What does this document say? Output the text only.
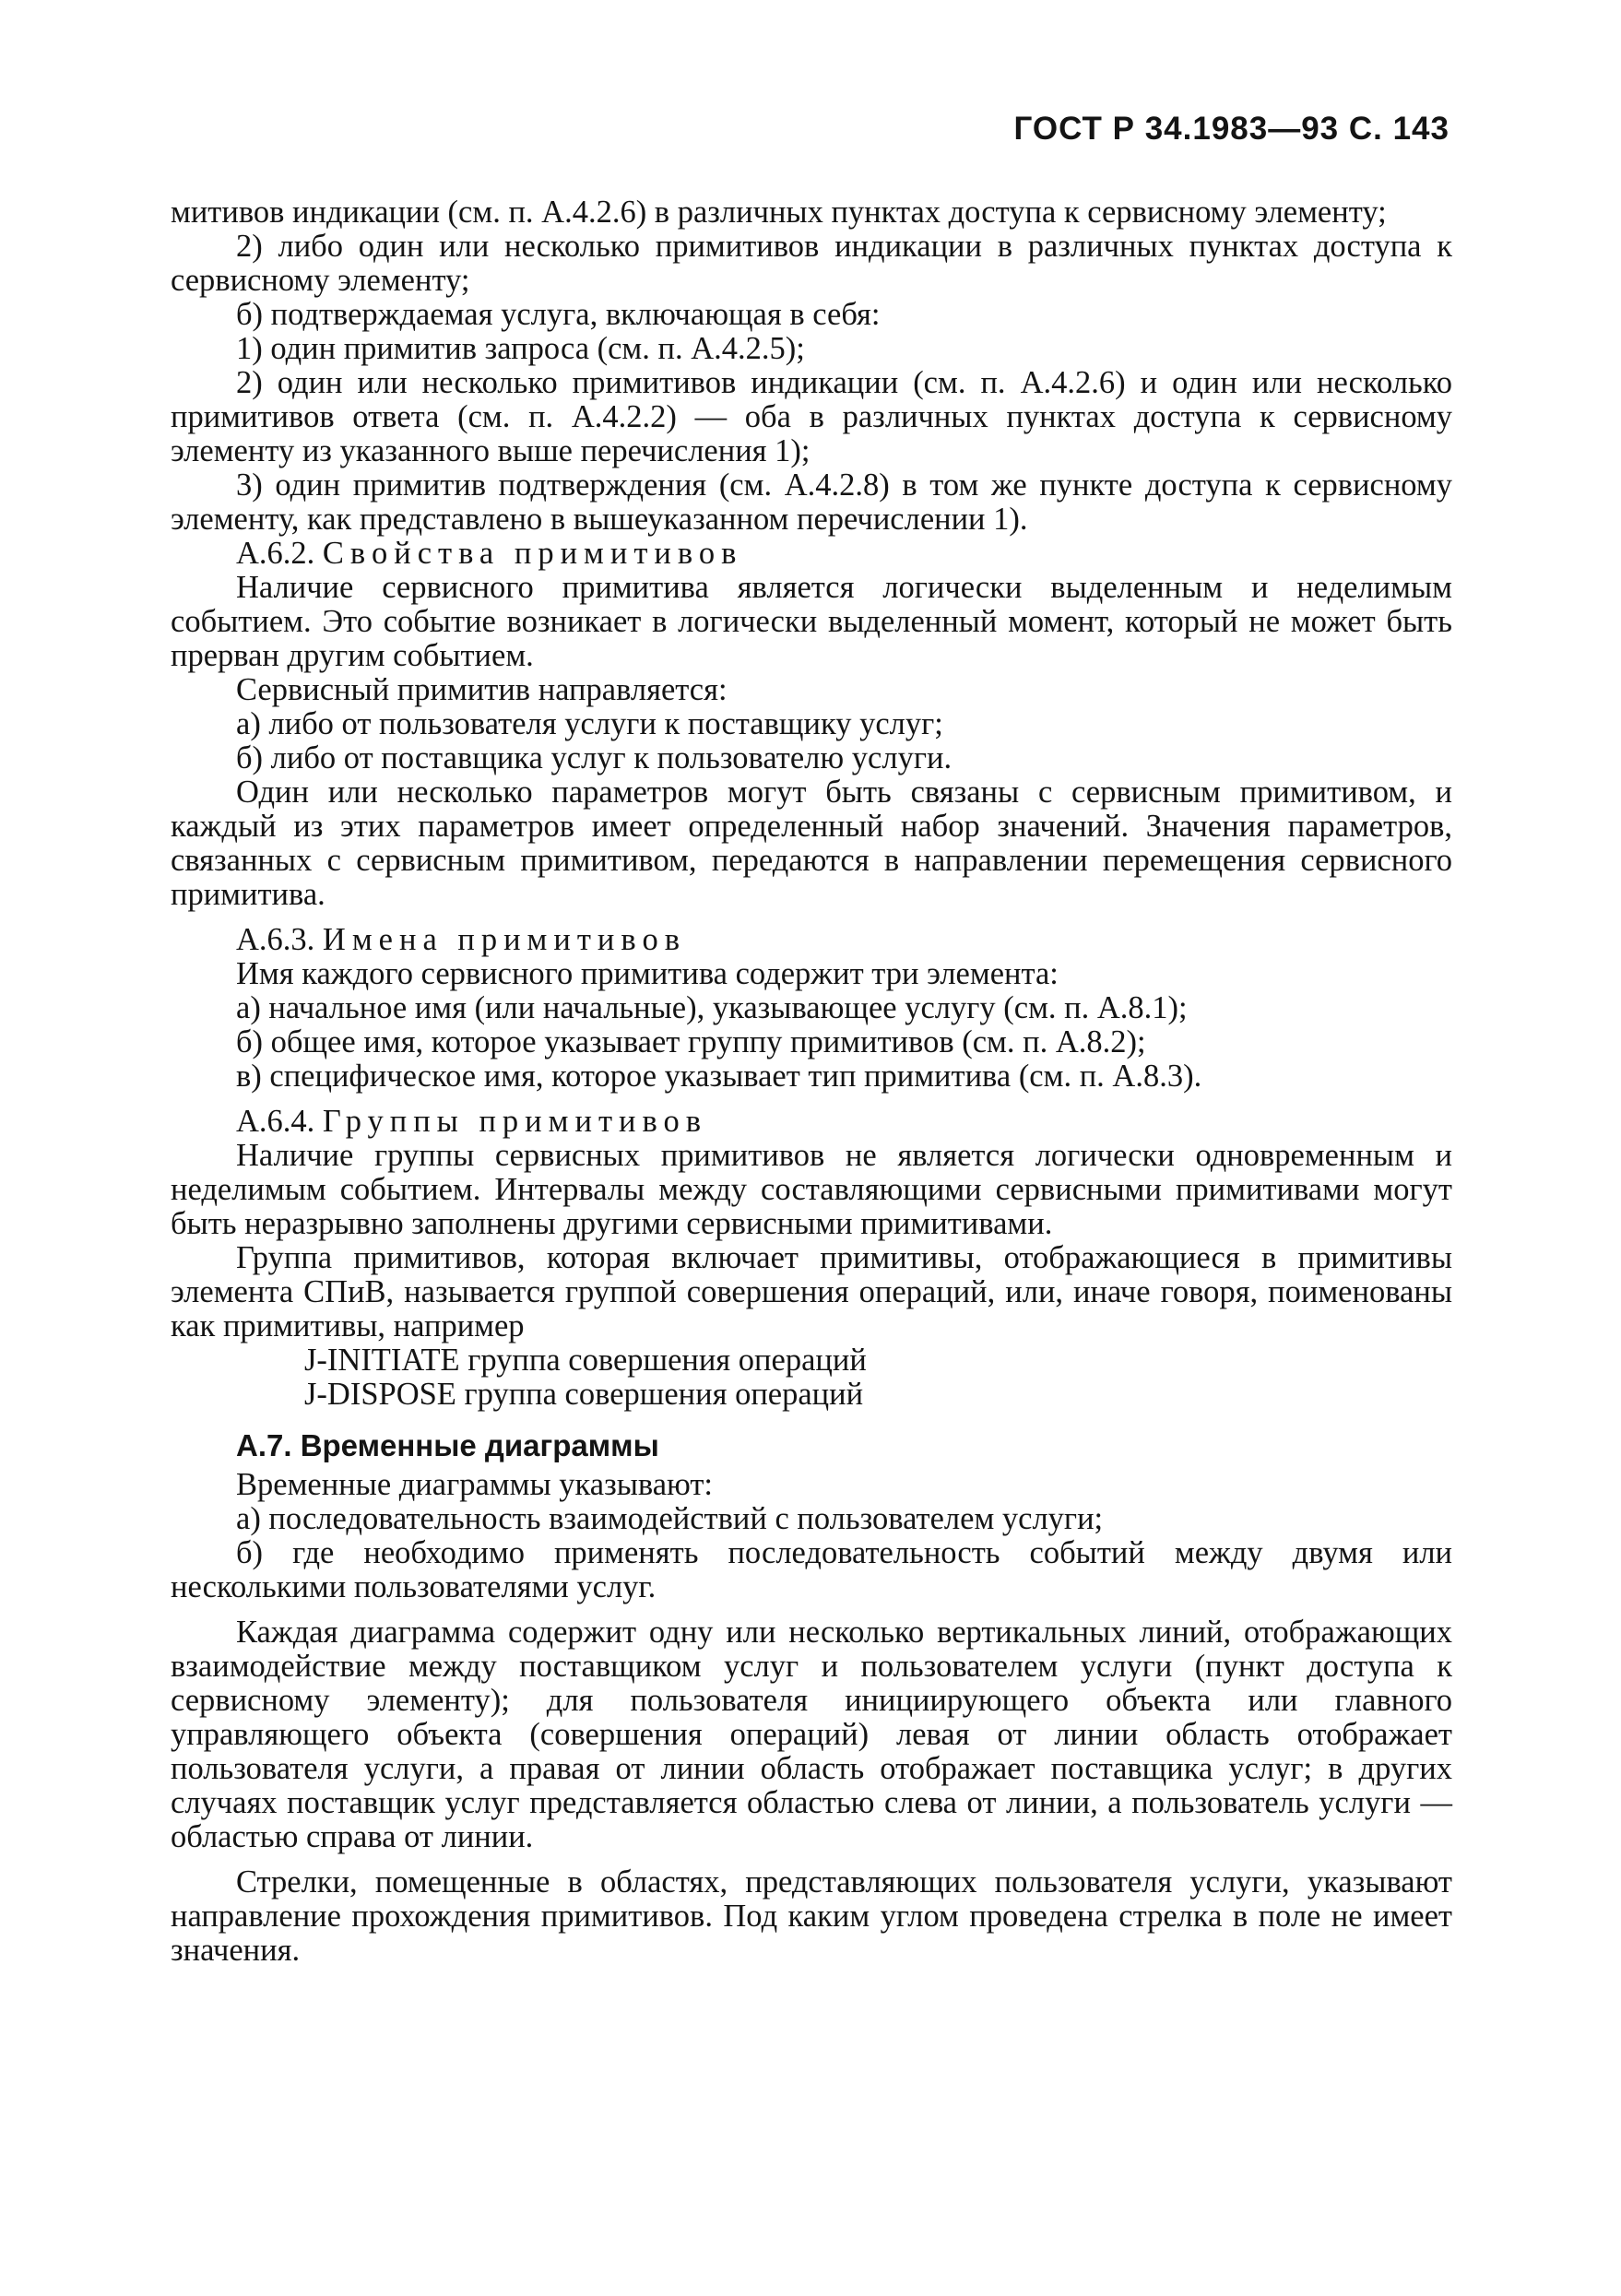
ГОСТ Р 34.1983—93 С. 143

митивов индикации (см. п. А.4.2.6) в различных пунктах доступа к сервисному элементу;

2) либо один или несколько примитивов индикации в различных пунктах доступа к сервисному элементу;

б) подтверждаемая услуга, включающая в себя:

1) один примитив запроса (см. п. А.4.2.5);

2) один или несколько примитивов индикации (см. п. А.4.2.6) и один или несколько примитивов ответа (см. п. А.4.2.2) — оба в различных пунктах доступа к сервисному элементу из указанного выше перечисления 1);

3) один примитив подтверждения (см. А.4.2.8) в том же пункте доступа к сервисному элементу, как представлено в вышеуказанном перечислении 1).

А.6.2. Свойства примитивов

Наличие сервисного примитива является логически выделенным и неделимым событием. Это событие возникает в логически выделенный момент, который не может быть прерван другим событием.

Сервисный примитив направляется:

а) либо от пользователя услуги к поставщику услуг;

б) либо от поставщика услуг к пользователю услуги.

Один или несколько параметров могут быть связаны с сервисным примитивом, и каждый из этих параметров имеет определенный набор значений. Значения параметров, связанных с сервисным примитивом, передаются в направлении перемещения сервисного примитива.

А.6.3. Имена примитивов

Имя каждого сервисного примитива содержит три элемента:

а) начальное имя (или начальные), указывающее услугу (см. п. А.8.1);

б) общее имя, которое указывает группу примитивов (см. п. А.8.2);

в) специфическое имя, которое указывает тип примитива (см. п. А.8.3).

А.6.4. Группы примитивов

Наличие группы сервисных примитивов не является логически одновременным и неделимым событием. Интервалы между составляющими сервисными примитивами могут быть неразрывно заполнены другими сервисными примитивами.

Группа примитивов, которая включает примитивы, отображающиеся в примитивы элемента СПиВ, называется группой совершения операций, или, иначе говоря, поименованы как примитивы, например

J-INITIATE группа совершения операций
J-DISPOSE группа совершения операций
А.7. Временные диаграммы

Временные диаграммы указывают:

а) последовательность взаимодействий с пользователем услуги;

б) где необходимо применять последовательность событий между двумя или несколькими пользователями услуг.

Каждая диаграмма содержит одну или несколько вертикальных линий, отображающих взаимодействие между поставщиком услуг и пользователем услуги (пункт доступа к сервисному элементу); для пользователя инициирующего объекта или главного управляющего объекта (совершения операций) левая от линии область отображает пользователя услуги, а правая от линии область отображает поставщика услуг; в других случаях поставщик услуг представляется областью слева от линии, а пользователь услуги — областью справа от линии.

Стрелки, помещенные в областях, представляющих пользователя услуги, указывают направление прохождения примитивов. Под каким углом проведена стрелка в поле не имеет значения.
